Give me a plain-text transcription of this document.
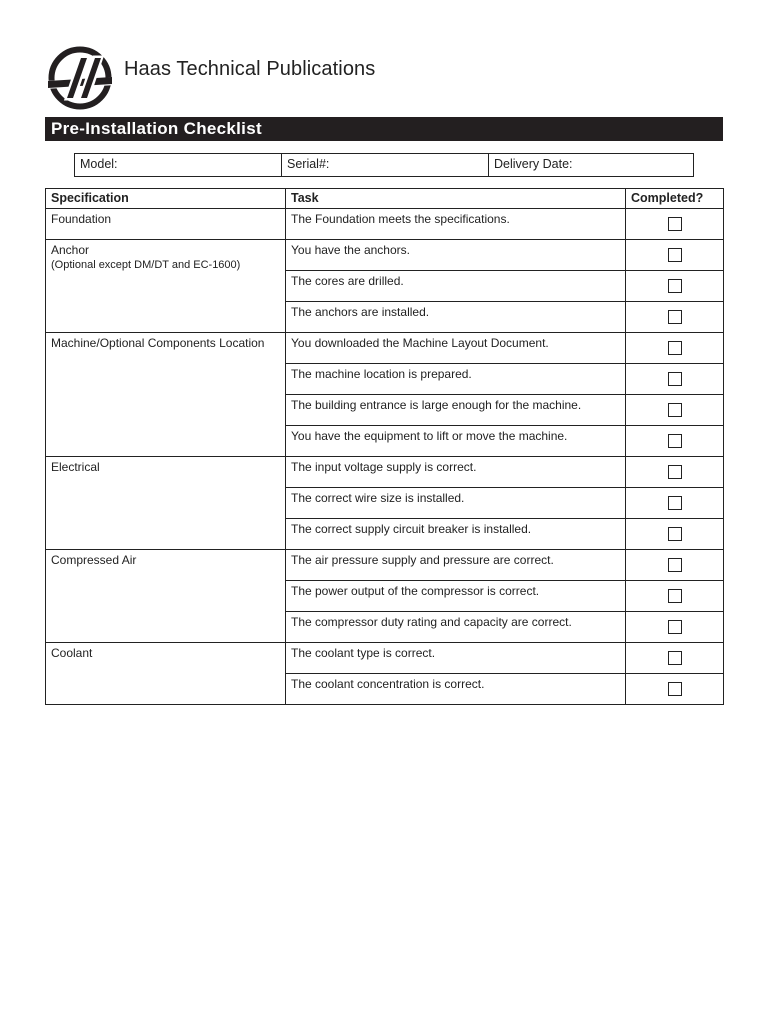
Haas Technical Publications
Pre-Installation Checklist
Model:	Serial#:	Delivery Date:
Specification	Task	Completed?
Foundation	The Foundation meets the specifications.	
Anchor
(Optional except DM/DT and EC-1600)	You have the anchors.	
	The cores are drilled.	
	The anchors are installed.	
Machine/Optional Components Location	You downloaded the Machine Layout Document.	
	The machine location is prepared.	
	The building entrance is large enough for the machine.	
	You have the equipment to lift or move the machine.	
Electrical	The input voltage supply is correct.	
	The correct wire size is installed.	
	The correct supply circuit breaker is installed.	
Compressed Air	The air pressure supply and pressure are correct.	
	The power output of the compressor is correct.	
	The compressor duty rating and capacity are correct.	
Coolant	The coolant type is correct.	
	The coolant concentration is correct.	
